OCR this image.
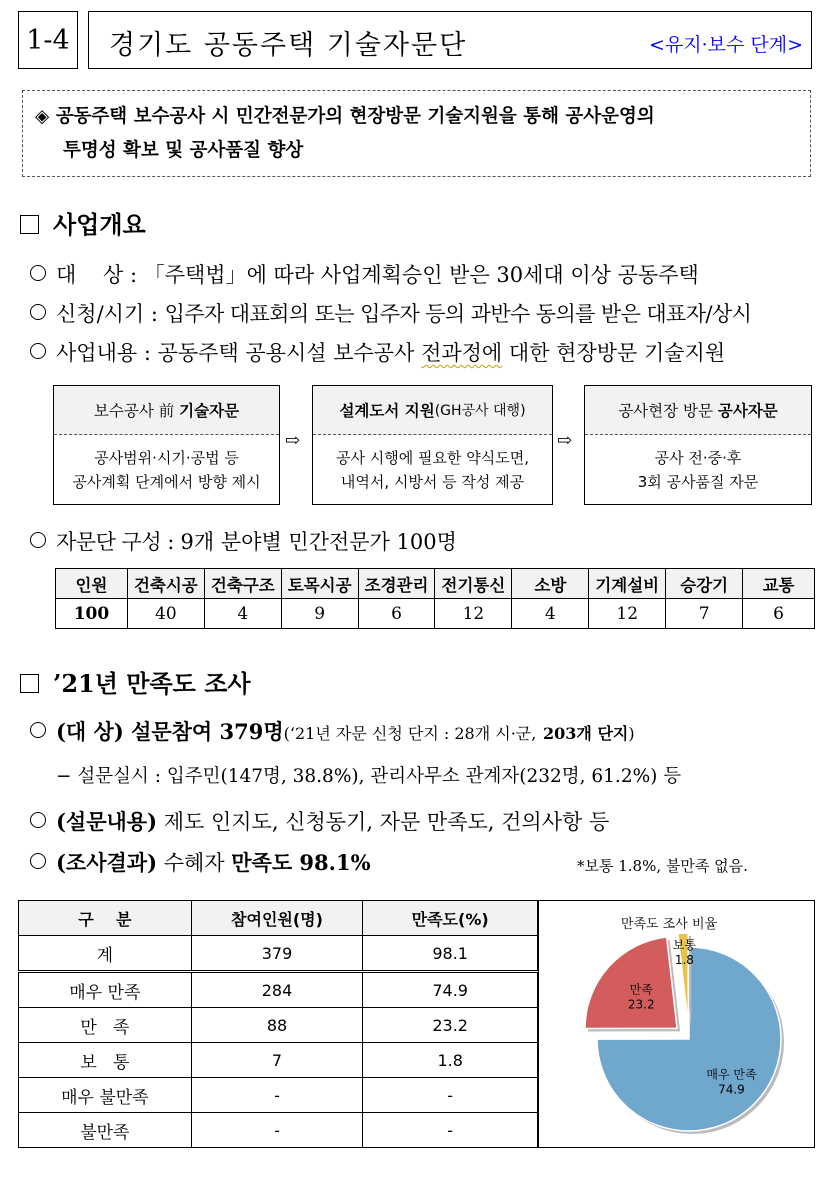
1-4	경기도 공동주택 기술자문단	<유지·보수 단계>
◈ 공동주택 보수공사 시 민간전문가의 현장방문 기술지원을 통해 공사운영의
투명성 확보 및 공사품질 향상
사업개요
대    상 : 「주택법」에 따라 사업계획승인 받은 30세대 이상 공동주택
신청/시기 : 입주자 대표회의 또는 입주자 등의 과반수 동의를 받은 대표자/상시
사업내용 : 공동주택 공용시설 보수공사 전과정에 대한 현장방문 기술지원
보수공사 前
기술자문
공사범위·시기·공법 등
공사계획 단계에서 방향 제시
⇨
설계도서 지원 (GH공사 대행)
공사 시행에 필요한 약식도면,
내역서, 시방서 등 작성 제공
⇨
공사현장 방문
공사자문
공사 전·중·후
3회 공사품질 자문
자문단 구성 : 9개 분야별 민간전문가 100명
인원	건축시공	건축구조	토목시공	조경관리	전기통신	소방	기계설비	승강기	교통
100	40	4	9	6	12	4	12	7	6
’21년 만족도 조사
(대 상) 설문참여 379명(‘21년 자문 신청 단지 : 28개 시·군, 203개 단지)
− 설문실시 : 입주민(147명, 38.8%), 관리사무소 관계자(232명, 61.2%) 등
(설문내용) 제도 인지도, 신청동기, 자문 만족도, 건의사항 등
(조사결과) 수혜자 만족도 98.1%	*보통 1.8%, 불만족 없음.
구    분	참여인원(명)	만족도(%)
계	379	98.1
매우 만족	284	74.9
만   족	88	23.2
보   통	7	1.8
매우 불만족	-	-
불만족	-	-
만족도 조사 비율
매우 만족
74.9
만족
23.2
보통
1.8
